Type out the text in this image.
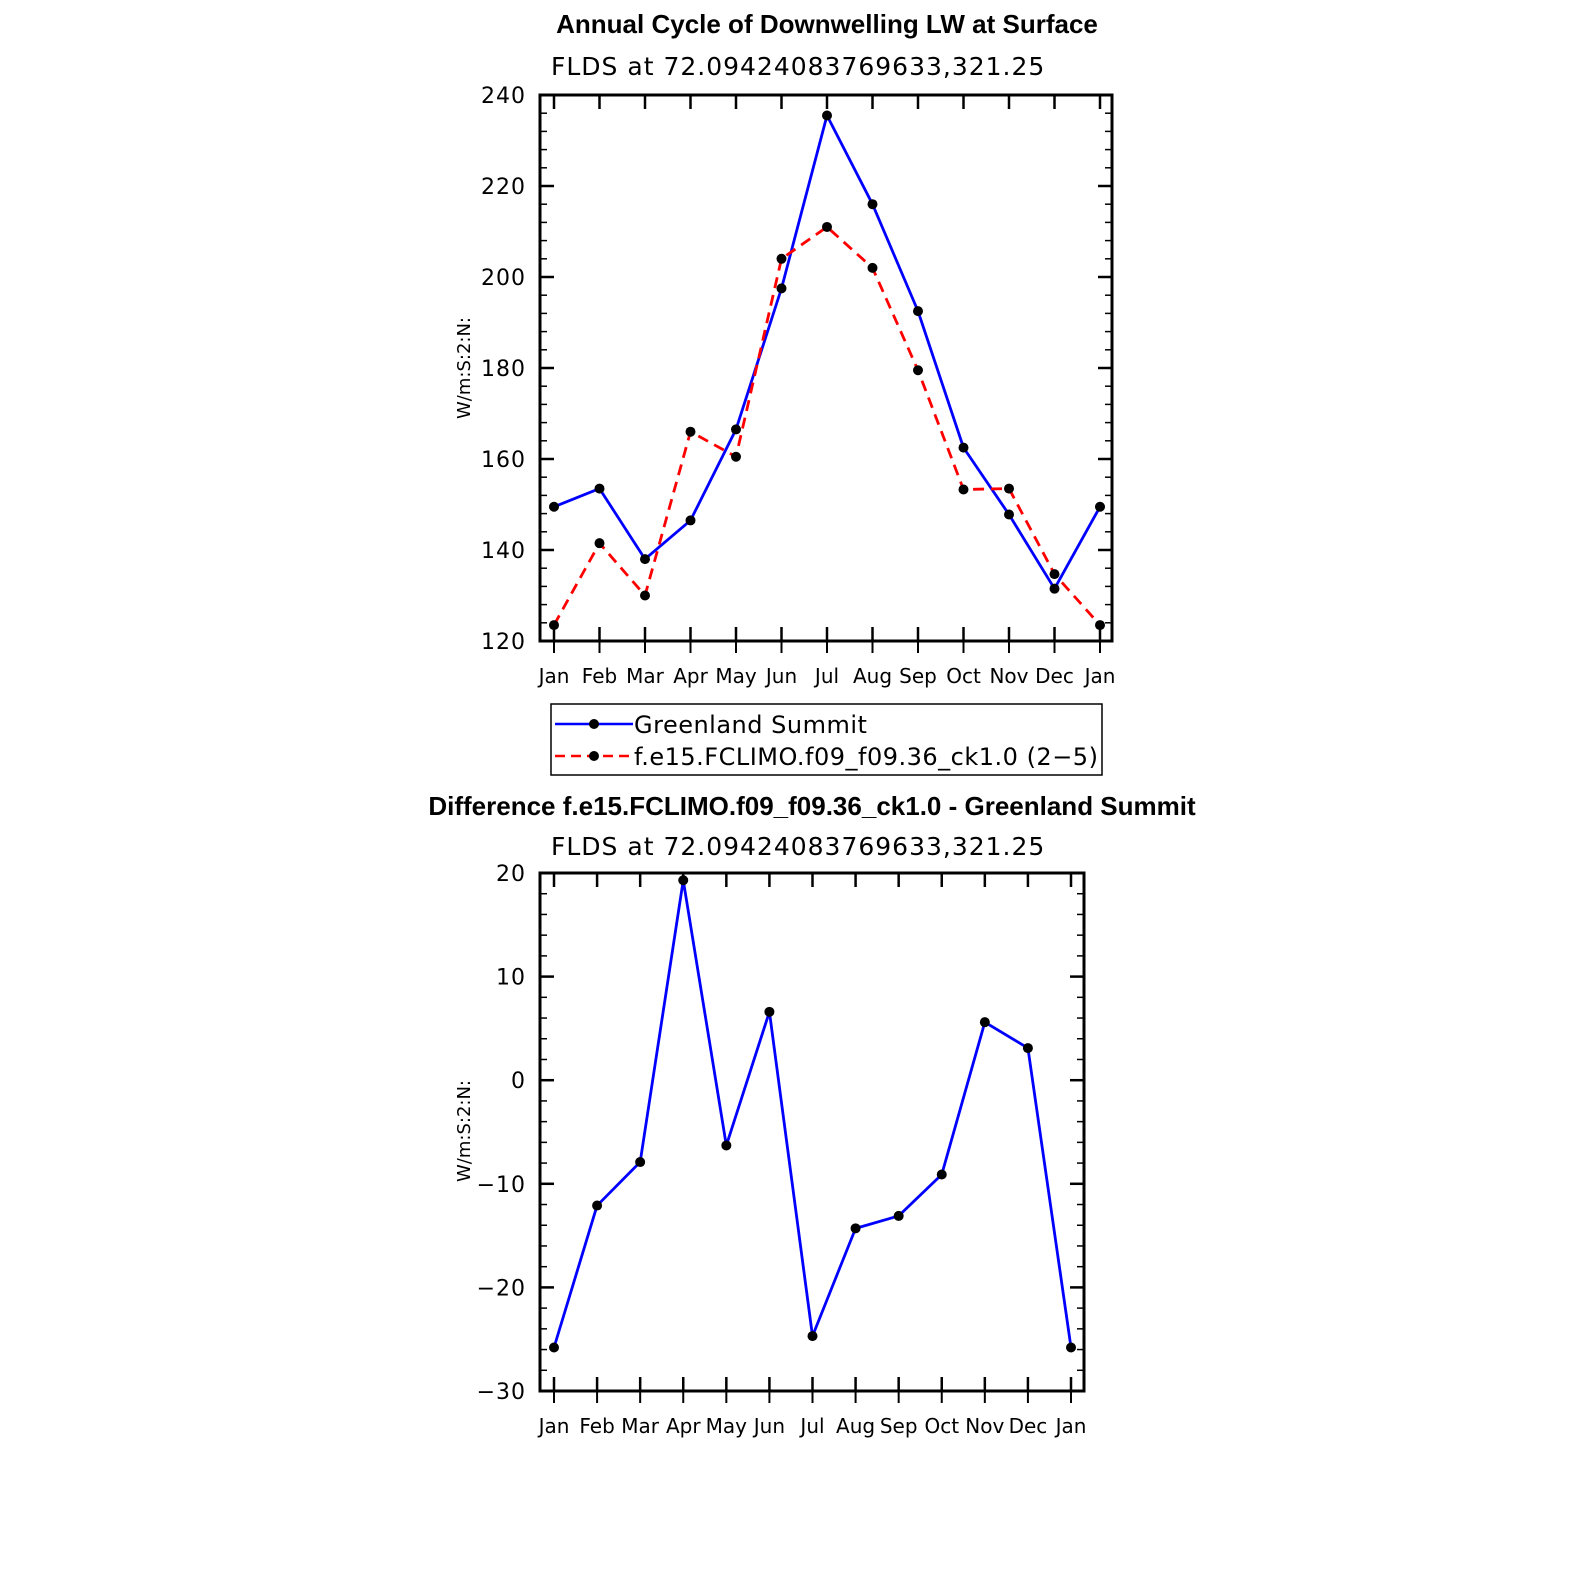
Annual Cycle of Downwelling LW at Surface
FLDS at 72.09424083769633,321.25
W/m:S:2:N:
120
140
160
180
200
220
240
Jan Feb Mar Apr May Jun Jul Aug Sep Oct Nov Dec Jan
Greenland Summit
f.e15.FCLIMO.f09_f09.36_ck1.0 (2−5)
Difference f.e15.FCLIMO.f09_f09.36_ck1.0 - Greenland Summit
FLDS at 72.09424083769633,321.25
W/m:S:2:N:
−30
−20
−10
0
10
20
Jan Feb Mar Apr May Jun Jul Aug Sep Oct Nov Dec Jan
